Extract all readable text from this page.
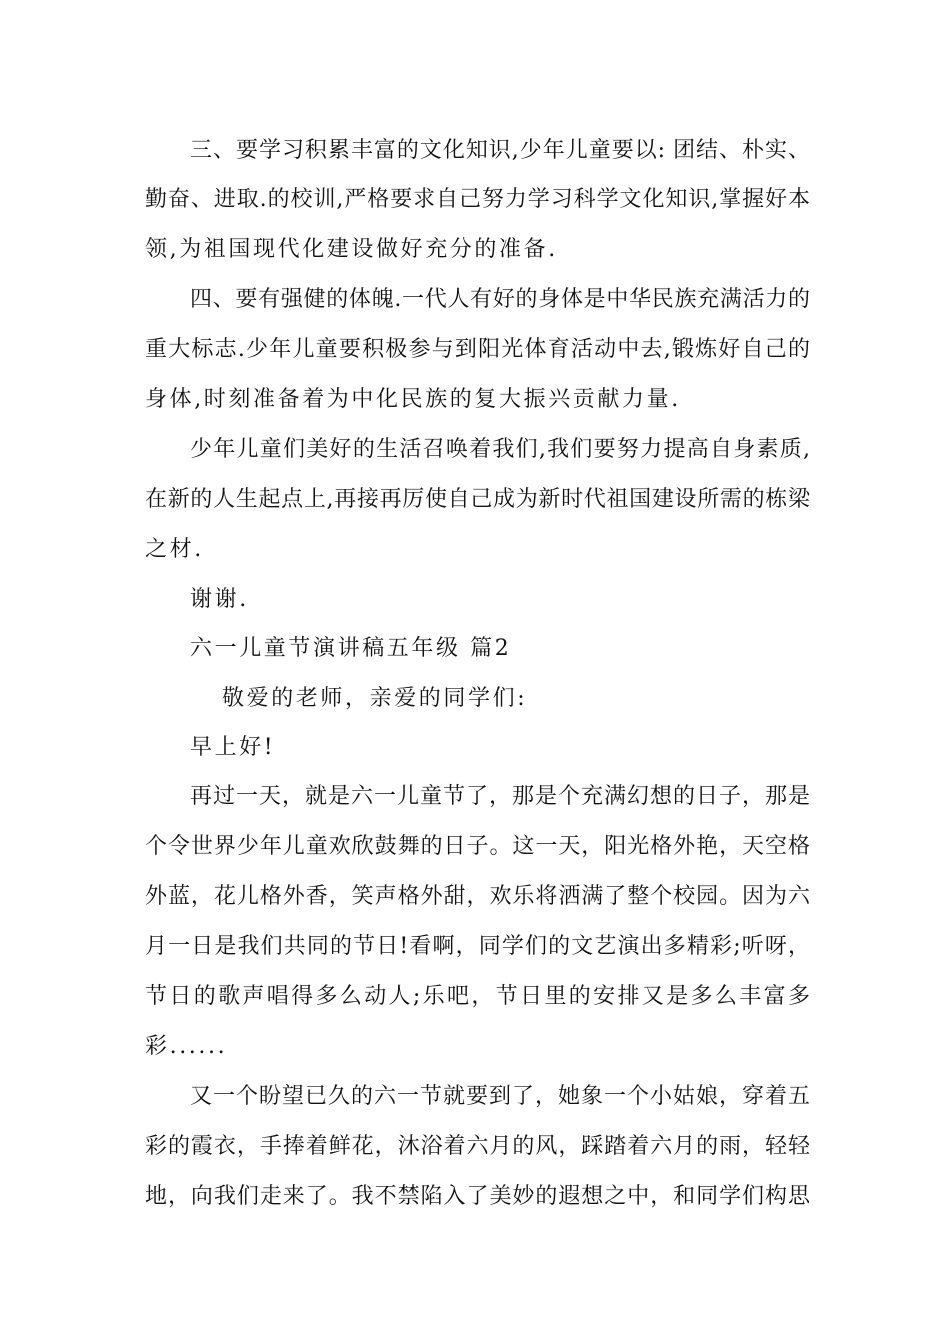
三、要学习积累丰富的文化知识,少年儿童要以: 团结、朴实、
勤奋、进取.的校训,严格要求自己努力学习科学文化知识,掌握好本
领,为祖国现代化建设做好充分的准备.
四、要有强健的体魄.一代人有好的身体是中华民族充满活力的
重大标志.少年儿童要积极参与到阳光体育活动中去,锻炼好自己的
身体,时刻准备着为中化民族的复大振兴贡献力量.
少年儿童们美好的生活召唤着我们,我们要努力提高自身素质,
在新的人生起点上,再接再厉使自己成为新时代祖国建设所需的栋梁
之材.
谢谢.
六一儿童节演讲稿五年级 篇2
敬爱的老师，亲爱的同学们:
早上好!
再过一天，就是六一儿童节了，那是个充满幻想的日子，那是
个令世界少年儿童欢欣鼓舞的日子。这一天，阳光格外艳，天空格
外蓝，花儿格外香，笑声格外甜，欢乐将洒满了整个校园。因为六
月一日是我们共同的节日!看啊，同学们的文艺演出多精彩;听呀，
节日的歌声唱得多么动人;乐吧，节日里的安排又是多么丰富多
彩......
又一个盼望已久的六一节就要到了，她象一个小姑娘，穿着五
彩的霞衣，手捧着鲜花，沐浴着六月的风，踩踏着六月的雨，轻轻
地，向我们走来了。我不禁陷入了美妙的遐想之中，和同学们构思
